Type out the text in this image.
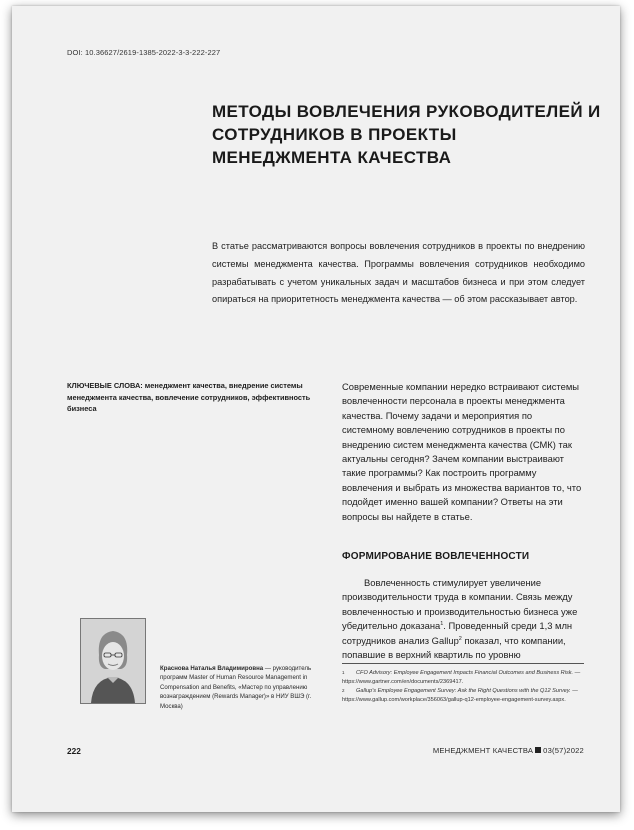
DOI: 10.36627/2619-1385-2022-3-3-222-227
МЕТОДЫ ВОВЛЕЧЕНИЯ РУКОВОДИТЕЛЕЙ И СОТРУДНИКОВ В ПРОЕКТЫ МЕНЕДЖМЕНТА КАЧЕСТВА
В статье рассматриваются вопросы вовлечения сотрудников в проекты по внедрению системы менеджмента качества. Программы вовлечения сотрудников необходимо разрабатывать с учетом уникальных задач и масштабов бизнеса и при этом следует опираться на приоритетность менеджмента качества — об этом рассказывает автор.
КЛЮЧЕВЫЕ СЛОВА: менеджмент качества, внедрение системы менеджмента качества, вовлечение сотрудников, эффективность бизнеса

Современные компании нередко встраивают системы вовлеченности персонала в проекты менеджмента качества. Почему задачи и мероприятия по системному вовлечению сотрудников в проекты по внедрению систем менеджмента качества (СМК) так актуальны сегодня? Зачем компании выстраивают такие программы? Как построить программу вовлечения и выбрать из множества вариантов то, что подойдет именно вашей компании? Ответы на эти вопросы вы найдете в статье.

ФОРМИРОВАНИЕ ВОВЛЕЧЕННОСТИ

Вовлеченность стимулирует увеличение производительности труда в компании. Связь между вовлеченностью и производительностью бизнеса уже убедительно доказана$^1$. Проведенный среди 1,3 млн сотрудников анализ Gallup$^2$ показал, что компании, попавшие в верхний квартиль по уровню

Краснова Наталья Владимировна — руководитель программ Master of Human Resource Management in Compensation and Benefits, «Мастер по управлению вознаграждением (Rewards Manager)» в НИУ ВШЭ (г. Москва)
1 CFO Advisory: Employee Engagement Impacts Financial Outcomes and Business Risk. — https://www.gartner.com/en/documents/2369417.
2 Gallup's Employee Engagement Survey: Ask the Right Questions with the Q12 Survey. — https://www.gallup.com/workplace/356063/gallup-q12-employee-engagement-survey.aspx.
222	МЕНЕДЖМЕНТ КАЧЕСТВА 03(57)2022
